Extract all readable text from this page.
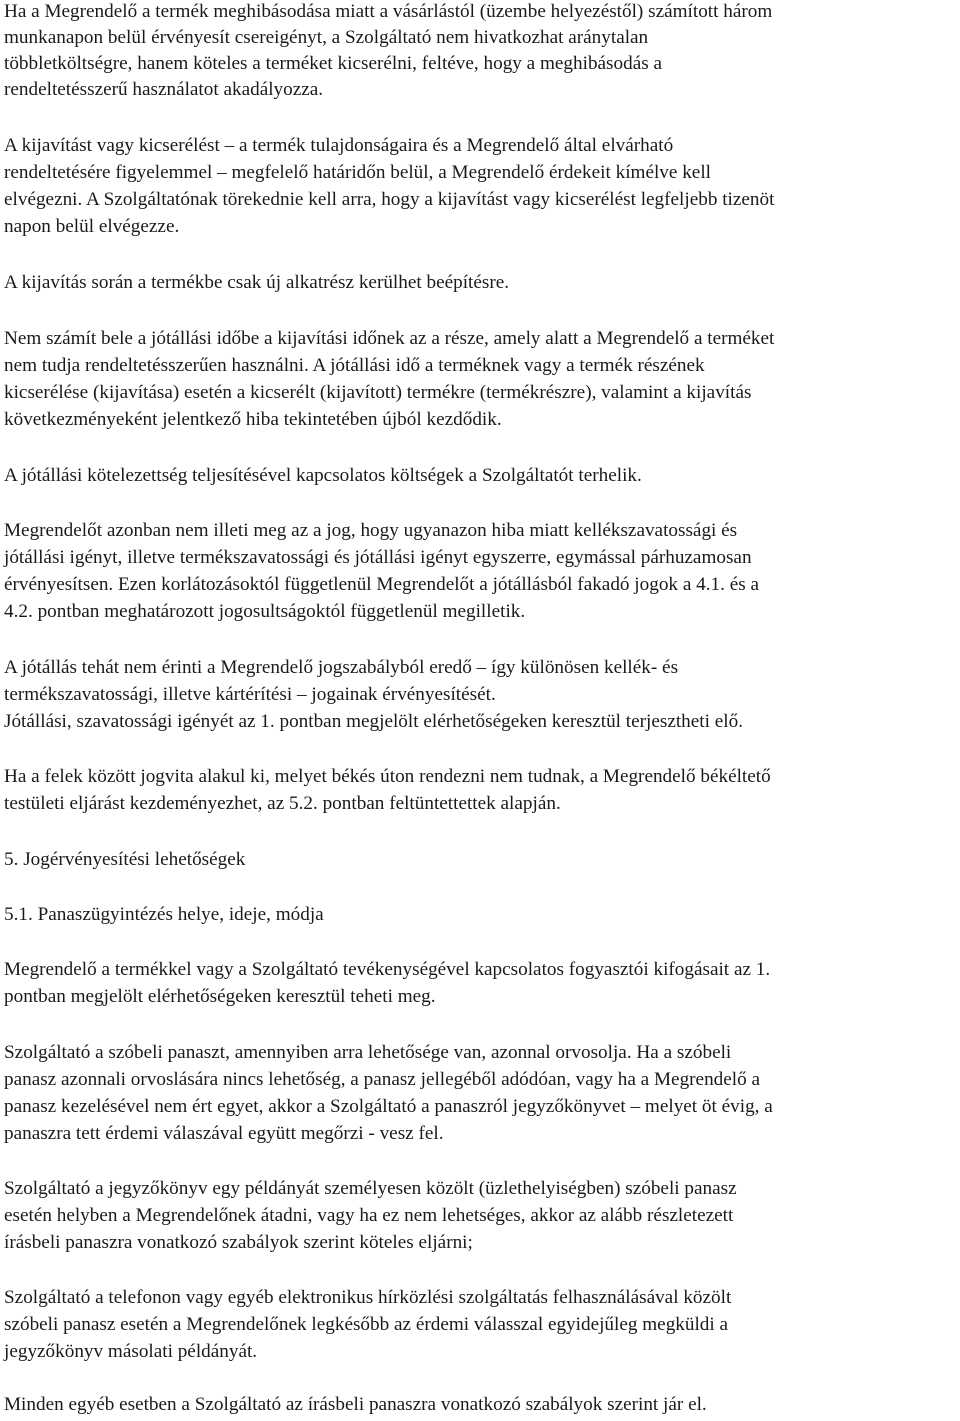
Ha a Megrendelő a termék meghibásodása miatt a vásárlástól (üzembe helyezéstől) számított három
munkanapon belül érvényesít csereigényt, a Szolgáltató nem hivatkozhat aránytalan
többletköltségre, hanem köteles a terméket kicserélni, feltéve, hogy a meghibásodás a
rendeltetésszerű használatot akadályozza.
A kijavítást vagy kicserélést – a termék tulajdonságaira és a Megrendelő által elvárható
rendeltetésére figyelemmel – megfelelő határidőn belül, a Megrendelő érdekeit kímélve kell
elvégezni. A Szolgáltatónak törekednie kell arra, hogy a kijavítást vagy kicserélést legfeljebb tizenöt
napon belül elvégezze.
A kijavítás során a termékbe csak új alkatrész kerülhet beépítésre.
Nem számít bele a jótállási időbe a kijavítási időnek az a része, amely alatt a Megrendelő a terméket
nem tudja rendeltetésszerűen használni. A jótállási idő a terméknek vagy a termék részének
kicserélése (kijavítása) esetén a kicserélt (kijavított) termékre (termékrészre), valamint a kijavítás
következményeként jelentkező hiba tekintetében újból kezdődik.
A jótállási kötelezettség teljesítésével kapcsolatos költségek a Szolgáltatót terhelik.
Megrendelőt azonban nem illeti meg az a jog, hogy ugyanazon hiba miatt kellékszavatossági és
jótállási igényt, illetve termékszavatossági és jótállási igényt egyszerre, egymással párhuzamosan
érvényesítsen. Ezen korlátozásoktól függetlenül Megrendelőt a jótállásból fakadó jogok a 4.1. és a
4.2. pontban meghatározott jogosultságoktól függetlenül megilletik.
A jótállás tehát nem érinti a Megrendelő jogszabályból eredő – így különösen kellék- és
termékszavatossági, illetve kártérítési – jogainak érvényesítését.
Jótállási, szavatossági igényét az 1. pontban megjelölt elérhetőségeken keresztül terjesztheti elő.
Ha a felek között jogvita alakul ki, melyet békés úton rendezni nem tudnak, a Megrendelő békéltető
testületi eljárást kezdeményezhet, az 5.2. pontban feltüntettettek alapján.
5. Jogérvényesítési lehetőségek
5.1. Panaszügyintézés helye, ideje, módja
Megrendelő a termékkel vagy a Szolgáltató tevékenységével kapcsolatos fogyasztói kifogásait az 1.
pontban megjelölt elérhetőségeken keresztül teheti meg.
Szolgáltató a szóbeli panaszt, amennyiben arra lehetősége van, azonnal orvosolja. Ha a szóbeli
panasz azonnali orvoslására nincs lehetőség, a panasz jellegéből adódóan, vagy ha a Megrendelő a
panasz kezelésével nem ért egyet, akkor a Szolgáltató a panaszról jegyzőkönyvet – melyet öt évig, a
panaszra tett érdemi válaszával együtt megőrzi - vesz fel.
Szolgáltató a jegyzőkönyv egy példányát személyesen közölt (üzlethelyiségben) szóbeli panasz
esetén helyben a Megrendelőnek átadni, vagy ha ez nem lehetséges, akkor az alább részletezett
írásbeli panaszra vonatkozó szabályok szerint köteles eljárni;
Szolgáltató a telefonon vagy egyéb elektronikus hírközlési szolgáltatás felhasználásával közölt
szóbeli panasz esetén a Megrendelőnek legkésőbb az érdemi válasszal egyidejűleg megküldi a
jegyzőkönyv másolati példányát.
Minden egyéb esetben a Szolgáltató az írásbeli panaszra vonatkozó szabályok szerint jár el.
